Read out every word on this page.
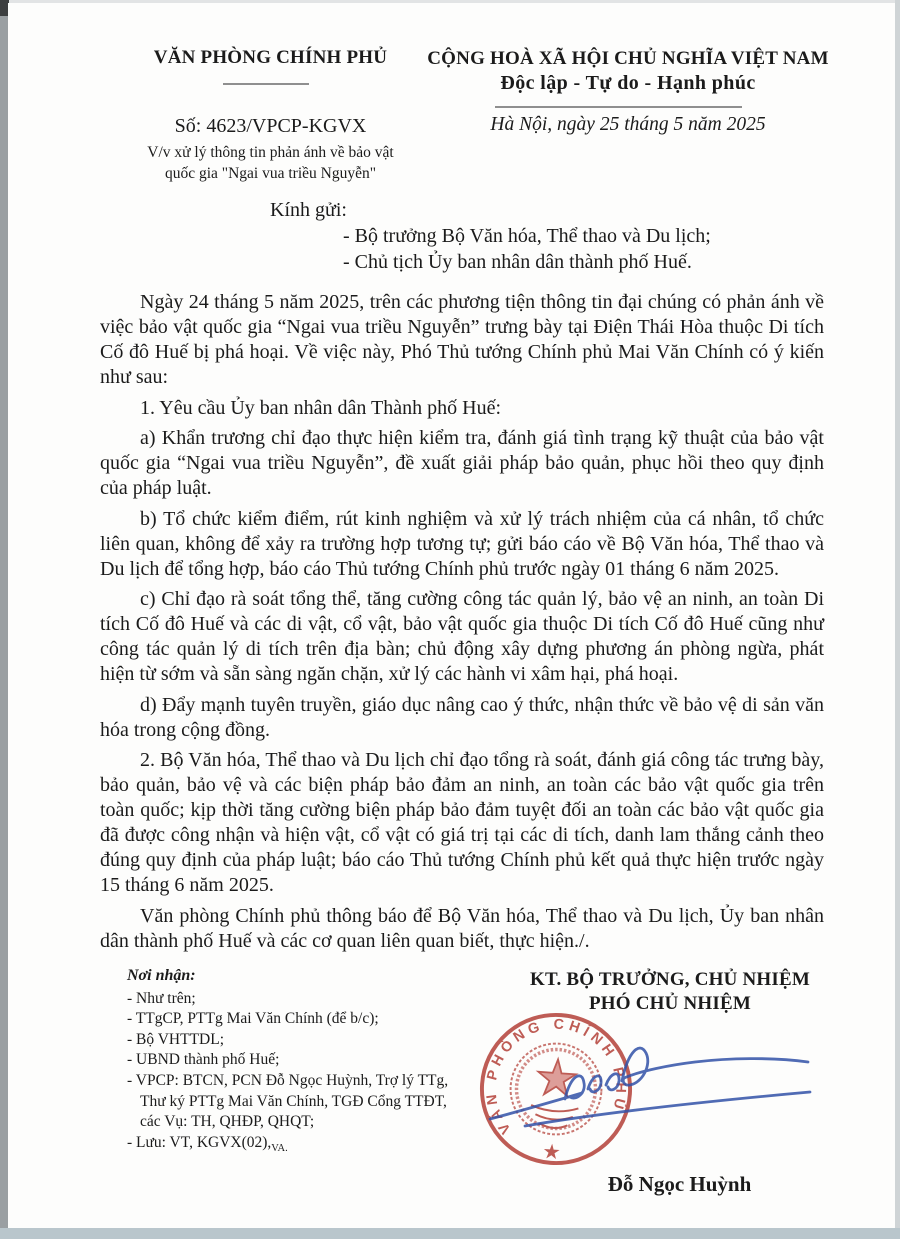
VĂN PHÒNG CHÍNH PHỦ
Số: 4623/VPCP-KGVX
V/v xử lý thông tin phản ánh về bảo vật
quốc gia "Ngai vua triều Nguyễn"
CỘNG HOÀ XÃ HỘI CHỦ NGHĨA VIỆT NAM
Độc lập - Tự do - Hạnh phúc
Hà Nội, ngày 25 tháng 5 năm 2025
Kính gửi:
- Bộ trưởng Bộ Văn hóa, Thể thao và Du lịch;
- Chủ tịch Ủy ban nhân dân thành phố Huế.

Ngày 24 tháng 5 năm 2025, trên các phương tiện thông tin đại chúng có phản ánh về việc bảo vật quốc gia “Ngai vua triều Nguyễn” trưng bày tại Điện Thái Hòa thuộc Di tích Cố đô Huế bị phá hoại. Về việc này, Phó Thủ tướng Chính phủ Mai Văn Chính có ý kiến như sau:

1. Yêu cầu Ủy ban nhân dân Thành phố Huế:

a) Khẩn trương chỉ đạo thực hiện kiểm tra, đánh giá tình trạng kỹ thuật của bảo vật quốc gia “Ngai vua triều Nguyễn”, đề xuất giải pháp bảo quản, phục hồi theo quy định của pháp luật.

b) Tổ chức kiểm điểm, rút kinh nghiệm và xử lý trách nhiệm của cá nhân, tổ chức liên quan, không để xảy ra trường hợp tương tự; gửi báo cáo về Bộ Văn hóa, Thể thao và Du lịch để tổng hợp, báo cáo Thủ tướng Chính phủ trước ngày 01 tháng 6 năm 2025.

c) Chỉ đạo rà soát tổng thể, tăng cường công tác quản lý, bảo vệ an ninh, an toàn Di tích Cố đô Huế và các di vật, cổ vật, bảo vật quốc gia thuộc Di tích Cố đô Huế cũng như công tác quản lý di tích trên địa bàn; chủ động xây dựng phương án phòng ngừa, phát hiện từ sớm và sẵn sàng ngăn chặn, xử lý các hành vi xâm hại, phá hoại.

d) Đẩy mạnh tuyên truyền, giáo dục nâng cao ý thức, nhận thức về bảo vệ di sản văn hóa trong cộng đồng.

2. Bộ Văn hóa, Thể thao và Du lịch chỉ đạo tổng rà soát, đánh giá công tác trưng bày, bảo quản, bảo vệ và các biện pháp bảo đảm an ninh, an toàn các bảo vật quốc gia trên toàn quốc; kịp thời tăng cường biện pháp bảo đảm tuyệt đối an toàn các bảo vật quốc gia đã được công nhận và hiện vật, cổ vật có giá trị tại các di tích, danh lam thắng cảnh theo đúng quy định của pháp luật; báo cáo Thủ tướng Chính phủ kết quả thực hiện trước ngày 15 tháng 6 năm 2025.

Văn phòng Chính phủ thông báo để Bộ Văn hóa, Thể thao và Du lịch, Ủy ban nhân dân thành phố Huế và các cơ quan liên quan biết, thực hiện./.

Nơi nhận:
- Như trên;
- TTgCP, PTTg Mai Văn Chính (để b/c);
- Bộ VHTTDL;
- UBND thành phố Huế;
- VPCP: BTCN, PCN Đỗ Ngọc Huỳnh, Trợ lý TTg,
Thư ký PTTg Mai Văn Chính, TGĐ Cổng TTĐT,
các Vụ: TH, QHĐP, QHQT;
- Lưu: VT, $KGVX(02),_{VA.}$
KT. BỘ TRƯỞNG, CHỦ NHIỆM
PHÓ CHỦ NHIỆM
VĂN PHÒNG CHÍNH PHỦ
Đỗ Ngọc Huỳnh
